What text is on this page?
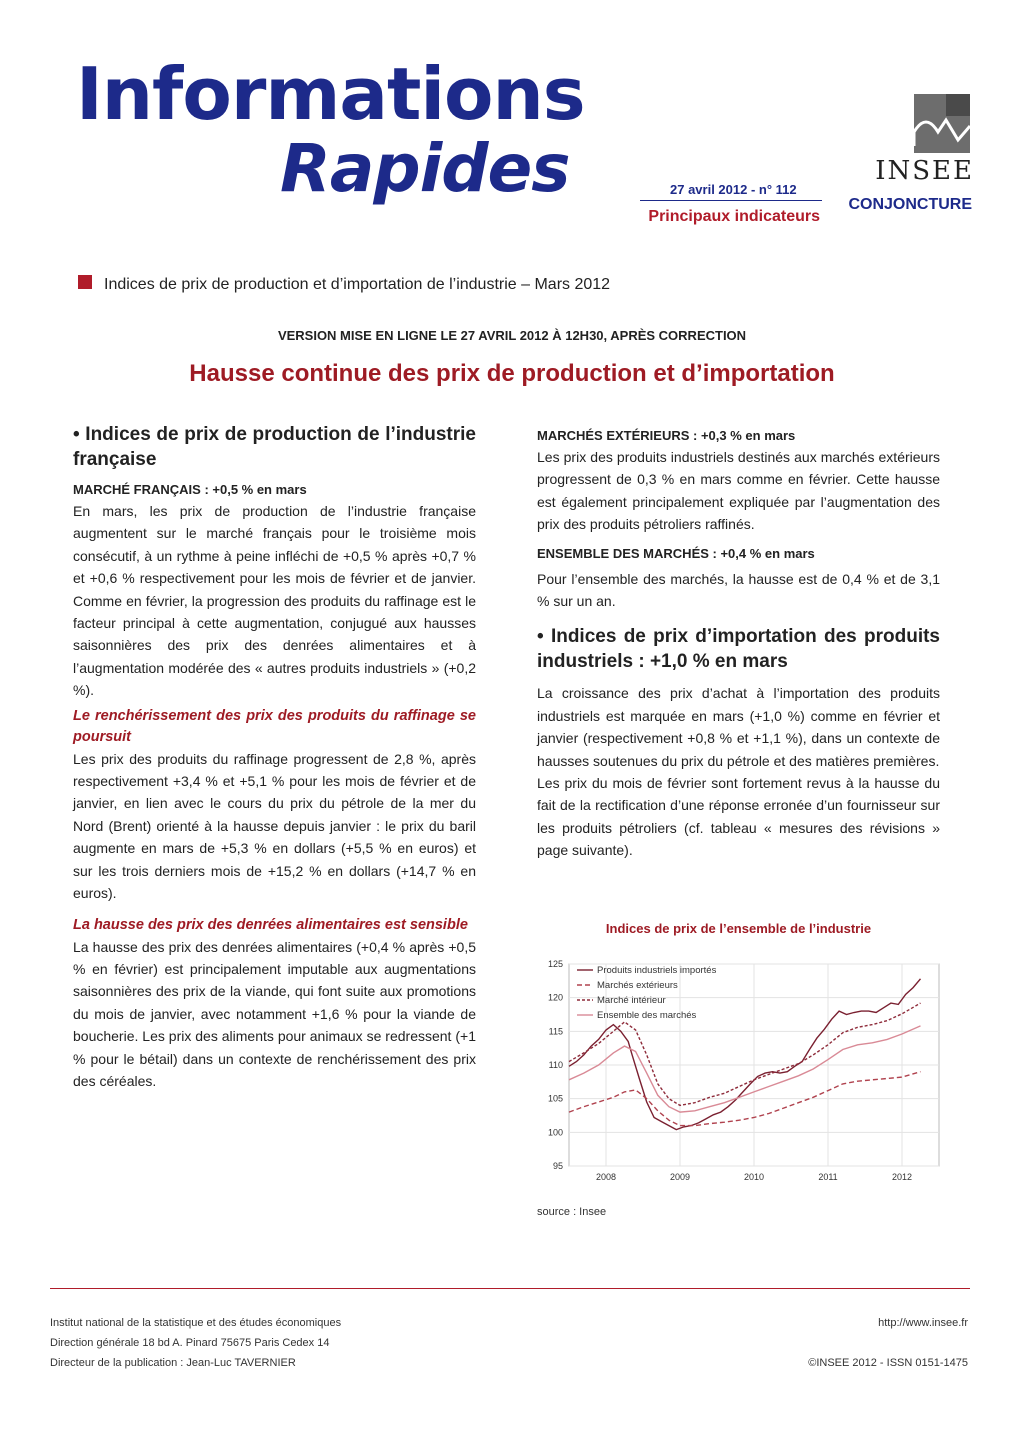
Informations
Rapides	27 avril 2012 - n° 112
Principaux indicateurs
INSEE
CONJONCTURE
Indices de prix de production et d’importation de l’industrie – Mars 2012
VERSION MISE EN LIGNE LE 27 AVRIL 2012 À 12H30, APRÈS CORRECTION
Hausse continue des prix de production et d’importation
• Indices de prix de production de l’industrie française
MARCHÉ FRANÇAIS : +0,5 % en mars

En mars, les prix de production de l’industrie française augmentent sur le marché français pour le troisième mois consécutif, à un rythme à peine infléchi de +0,5 % après +0,7 % et +0,6 % respectivement pour les mois de février et de janvier. Comme en février, la progression des produits du raffinage est le facteur principal à cette augmentation, conjugué aux hausses saisonnières des prix des denrées alimentaires et à l’augmentation modérée des « autres produits industriels » (+0,2 %).

Le renchérissement des prix des produits du raffinage se poursuit

Les prix des produits du raffinage progressent de 2,8 %, après respectivement +3,4 % et +5,1 % pour les mois de février et de janvier, en lien avec le cours du prix du pétrole de la mer du Nord (Brent) orienté à la hausse depuis janvier : le prix du baril augmente en mars de +5,3 % en dollars (+5,5 % en euros) et sur les trois derniers mois de +15,2 % en dollars (+14,7 % en euros).

La hausse des prix des denrées alimentaires est sensible

La hausse des prix des denrées alimentaires (+0,4 % après +0,5 % en février) est principalement imputable aux augmentations saisonnières des prix de la viande, qui font suite aux promotions du mois de janvier, avec notamment +1,6 % pour la viande de boucherie. Les prix des aliments pour animaux se redressent (+1 % pour le bétail) dans un contexte de renchérissement des prix des céréales.

MARCHÉS EXTÉRIEURS : +0,3 % en mars

Les prix des produits industriels destinés aux marchés extérieurs progressent de 0,3 % en mars comme en février. Cette hausse est également principalement expliquée par l’augmentation des prix des produits pétroliers raffinés.

ENSEMBLE DES MARCHÉS : +0,4 % en mars

Pour l’ensemble des marchés, la hausse est de 0,4 % et de 3,1 % sur un an.

• Indices de prix d’importation des produits industriels : +1,0 % en mars

La croissance des prix d’achat à l’importation des produits industriels est marquée en mars (+1,0 %) comme en février et janvier (respectivement +0,8 % et +1,1 %), dans un contexte de hausses soutenues du prix du pétrole et des matières premières.

Les prix du mois de février sont fortement revus à la hausse du fait de la rectification d’une réponse erronée d’un fournisseur sur les produits pétroliers (cf. tableau « mesures des révisions » page suivante).

Indices de prix de l’ensemble de l’industrie
95
100
105
110
115
120
125
2008	2009	2010	2011	2012
Produits industriels importés
Marchés extérieurs
Marché intérieur
Ensemble des marchés
source : Insee
Institut national de la statistique et des études économiques
Direction générale 18 bd A. Pinard 75675 Paris Cedex 14
Directeur de la publication : Jean-Luc TAVERNIER
http://www.insee.fr

©INSEE 2012 - ISSN 0151-1475
